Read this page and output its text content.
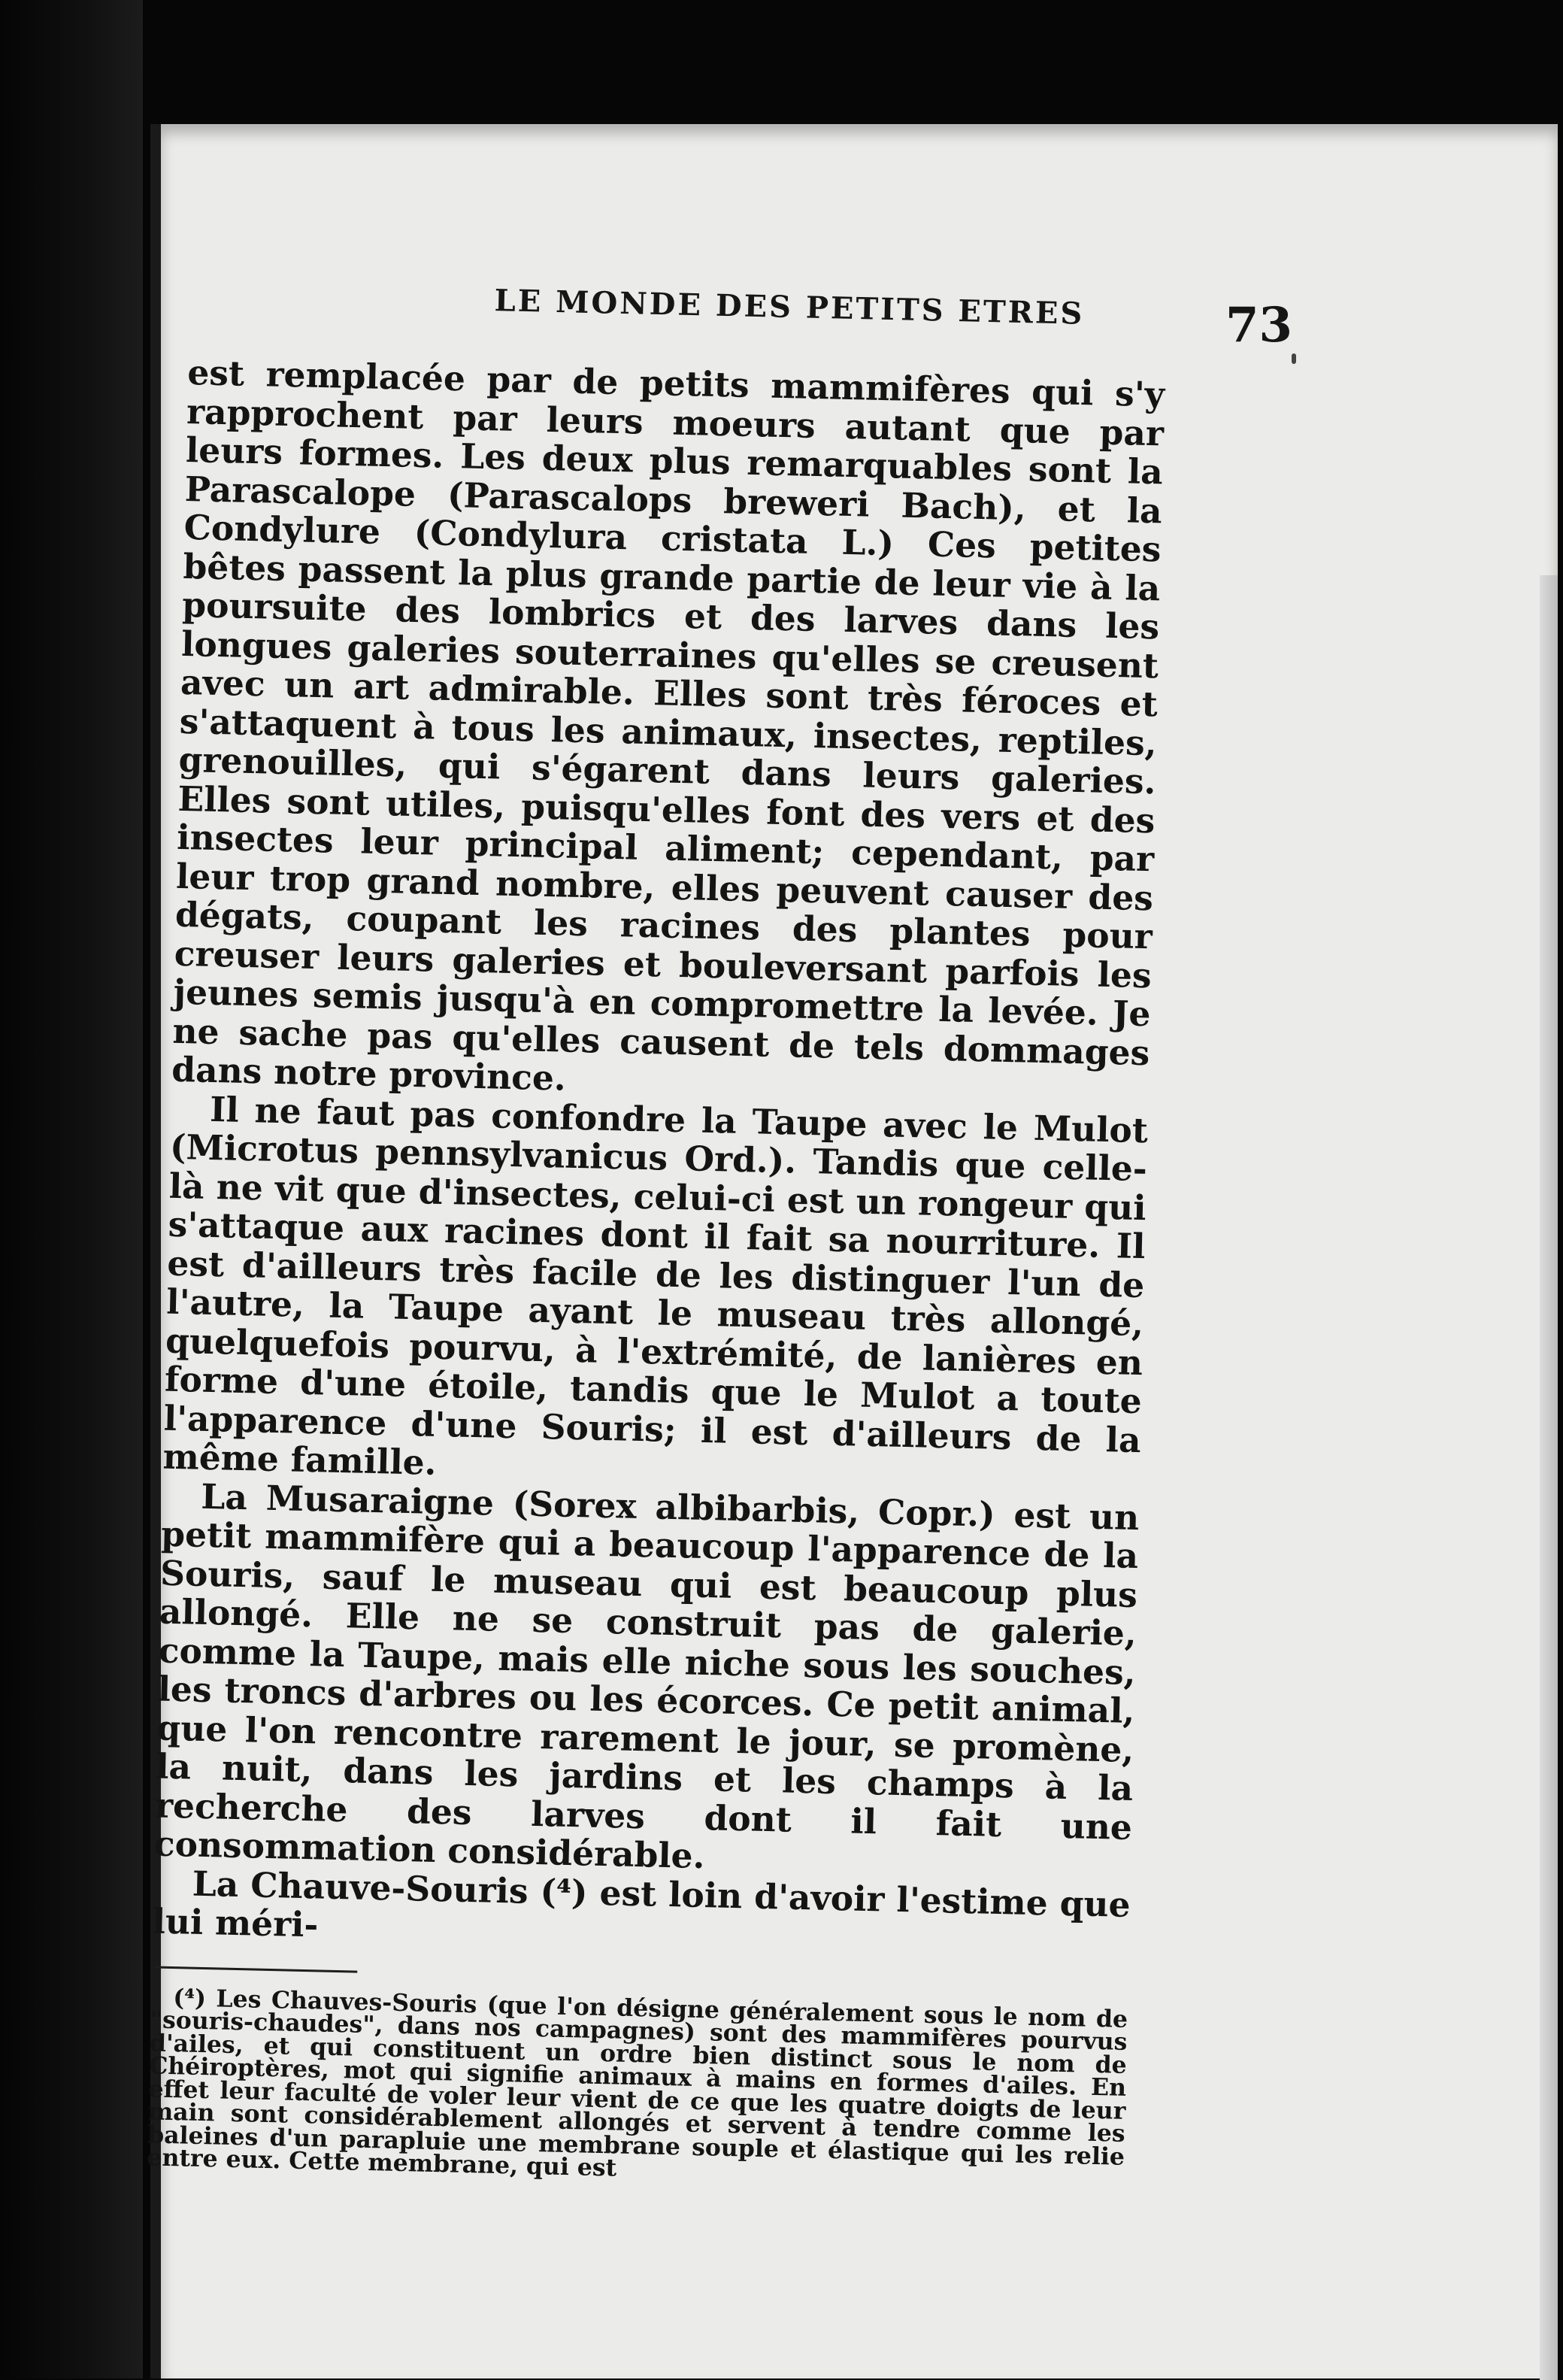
LE MONDE DES PETITS ETRES	73

est remplacée par de petits mammifères qui s'y rapprochent par leurs moeurs autant que par leurs formes. Les deux plus remarquables sont la Parascalope (Parascalops breweri Bach), et la Condylure (Condylura cristata L.) Ces petites bêtes passent la plus grande partie de leur vie à la poursuite des lombrics et des larves dans les longues galeries souterraines qu'elles se creusent avec un art admirable. Elles sont très féroces et s'attaquent à tous les animaux, insectes, reptiles, grenouilles, qui s'égarent dans leurs galeries. Elles sont utiles, puisqu'elles font des vers et des insectes leur principal aliment; cependant, par leur trop grand nombre, elles peuvent causer des dégats, coupant les racines des plantes pour creuser leurs galeries et bouleversant parfois les jeunes semis jusqu'à en compromettre la levée. Je ne sache pas qu'elles causent de tels dommages dans notre province.

Il ne faut pas confondre la Taupe avec le Mulot (Microtus pennsylvanicus Ord.). Tandis que celle-là ne vit que d'insectes, celui-ci est un rongeur qui s'attaque aux racines dont il fait sa nourriture. Il est d'ailleurs très facile de les distinguer l'un de l'autre, la Taupe ayant le museau très allongé, quelquefois pourvu, à l'extrémité, de lanières en forme d'une étoile, tandis que le Mulot a toute l'apparence d'une Souris; il est d'ailleurs de la même famille.

La Musaraigne (Sorex albibarbis, Copr.) est un petit mammifère qui a beaucoup l'apparence de la Souris, sauf le museau qui est beaucoup plus allongé. Elle ne se construit pas de galerie, comme la Taupe, mais elle niche sous les souches, les troncs d'arbres ou les écorces. Ce petit animal, que l'on rencontre rarement le jour, se promène, la nuit, dans les jardins et les champs à la recherche des larves dont il fait une consommation considérable.

La Chauve-Souris (⁴) est loin d'avoir l'estime que lui méri-

(⁴) Les Chauves-Souris (que l'on désigne généralement sous le nom de "souris-chaudes", dans nos campagnes) sont des mammifères pourvus d'ailes, et qui constituent un ordre bien distinct sous le nom de Chéiroptères, mot qui signifie animaux à mains en formes d'ailes. En effet leur faculté de voler leur vient de ce que les quatre doigts de leur main sont considérablement allongés et servent à tendre comme les baleines d'un parapluie une membrane souple et élastique qui les relie entre eux. Cette membrane, qui est
